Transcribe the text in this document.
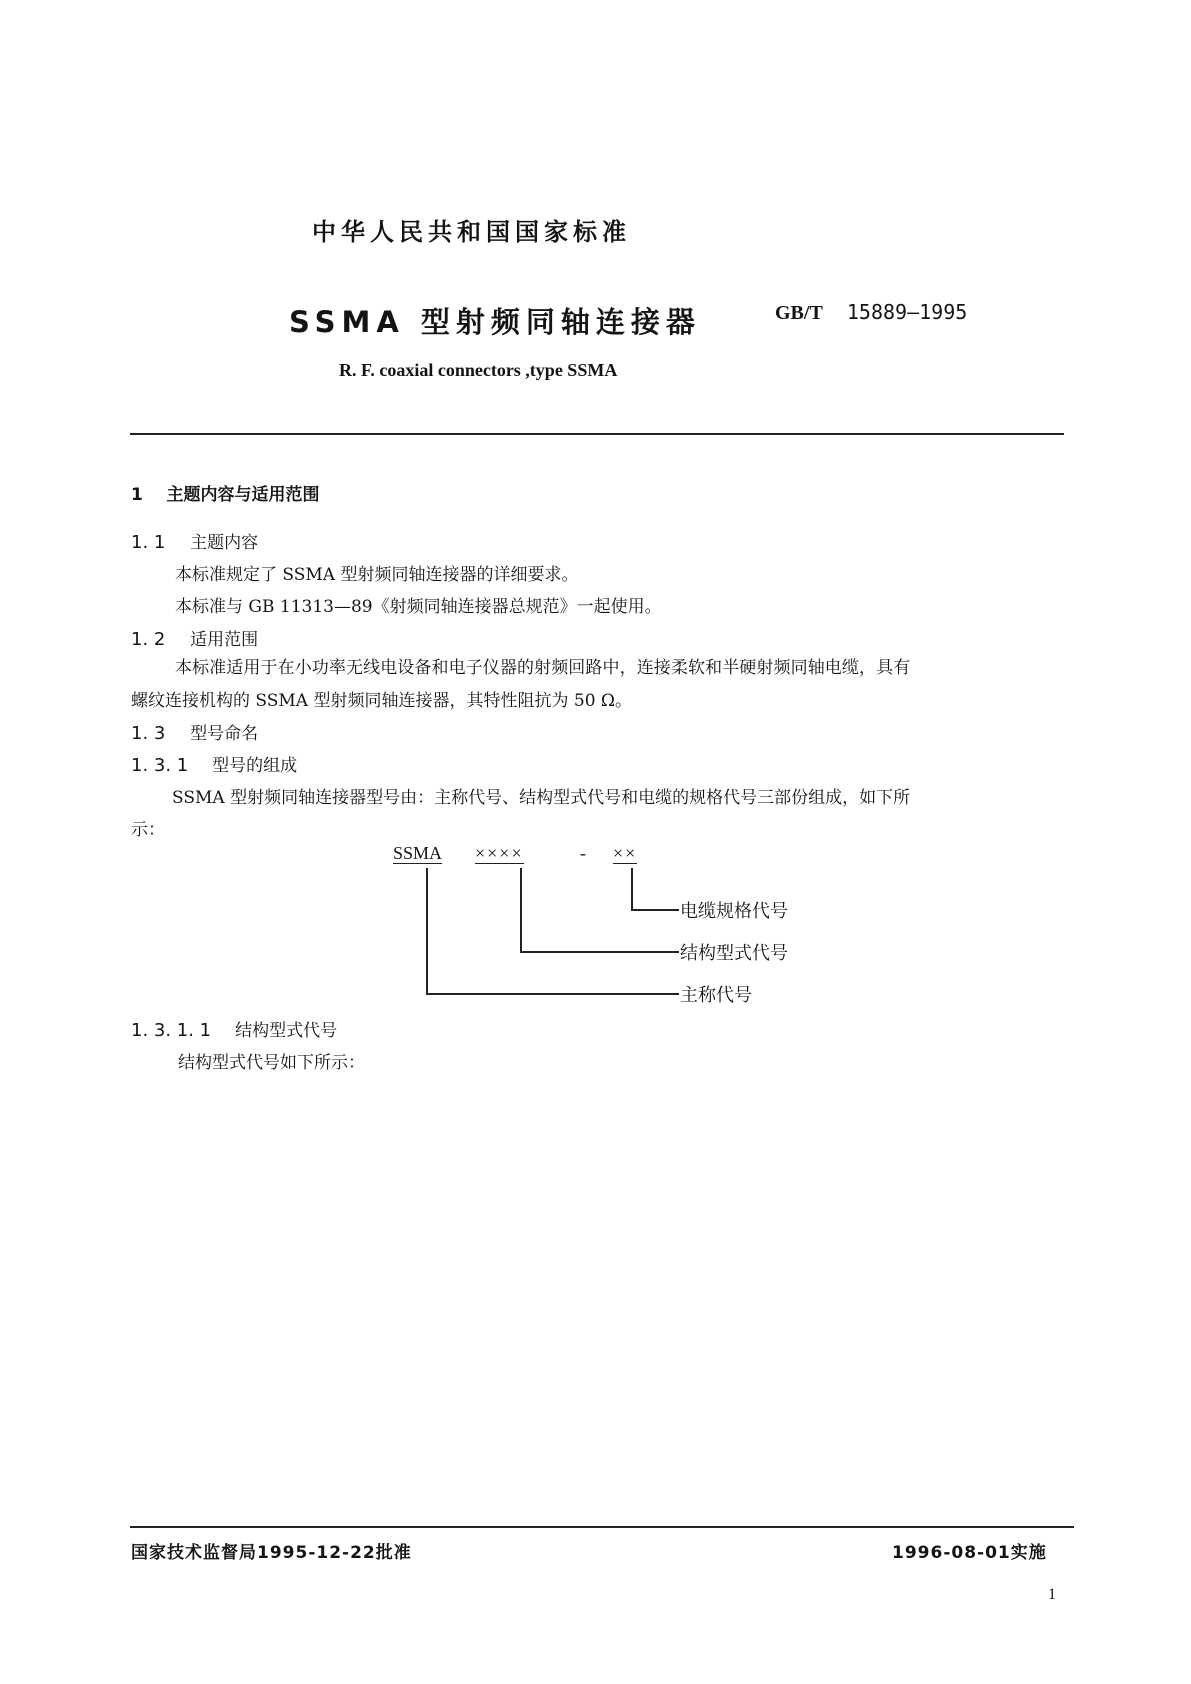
中华人民共和国国家标准
SSMA 型射频同轴连接器	GB/T 15889—1995
R. F. coaxial connectors ,type SSMA
1 主题内容与适用范围
1. 1 主题内容
本标准规定了 SSMA 型射频同轴连接器的详细要求。
本标准与 GB 11313—89《射频同轴连接器总规范》一起使用。
1. 2 适用范围
本标准适用于在小功率无线电设备和电子仪器的射频回路中，连接柔软和半硬射频同轴电缆，具有
螺纹连接机构的 SSMA 型射频同轴连接器，其特性阻抗为 50 Ω。
1. 3 型号命名
1. 3. 1 型号的组成
SSMA 型射频同轴连接器型号由：主称代号、结构型式代号和电缆的规格代号三部份组成，如下所
示：
SSMA ××××	- ××
电缆规格代号
结构型式代号
主称代号
1. 3. 1. 1 结构型式代号
结构型式代号如下所示：
国家技术监督局1995-12-22批准	1996-08-01实施
1
